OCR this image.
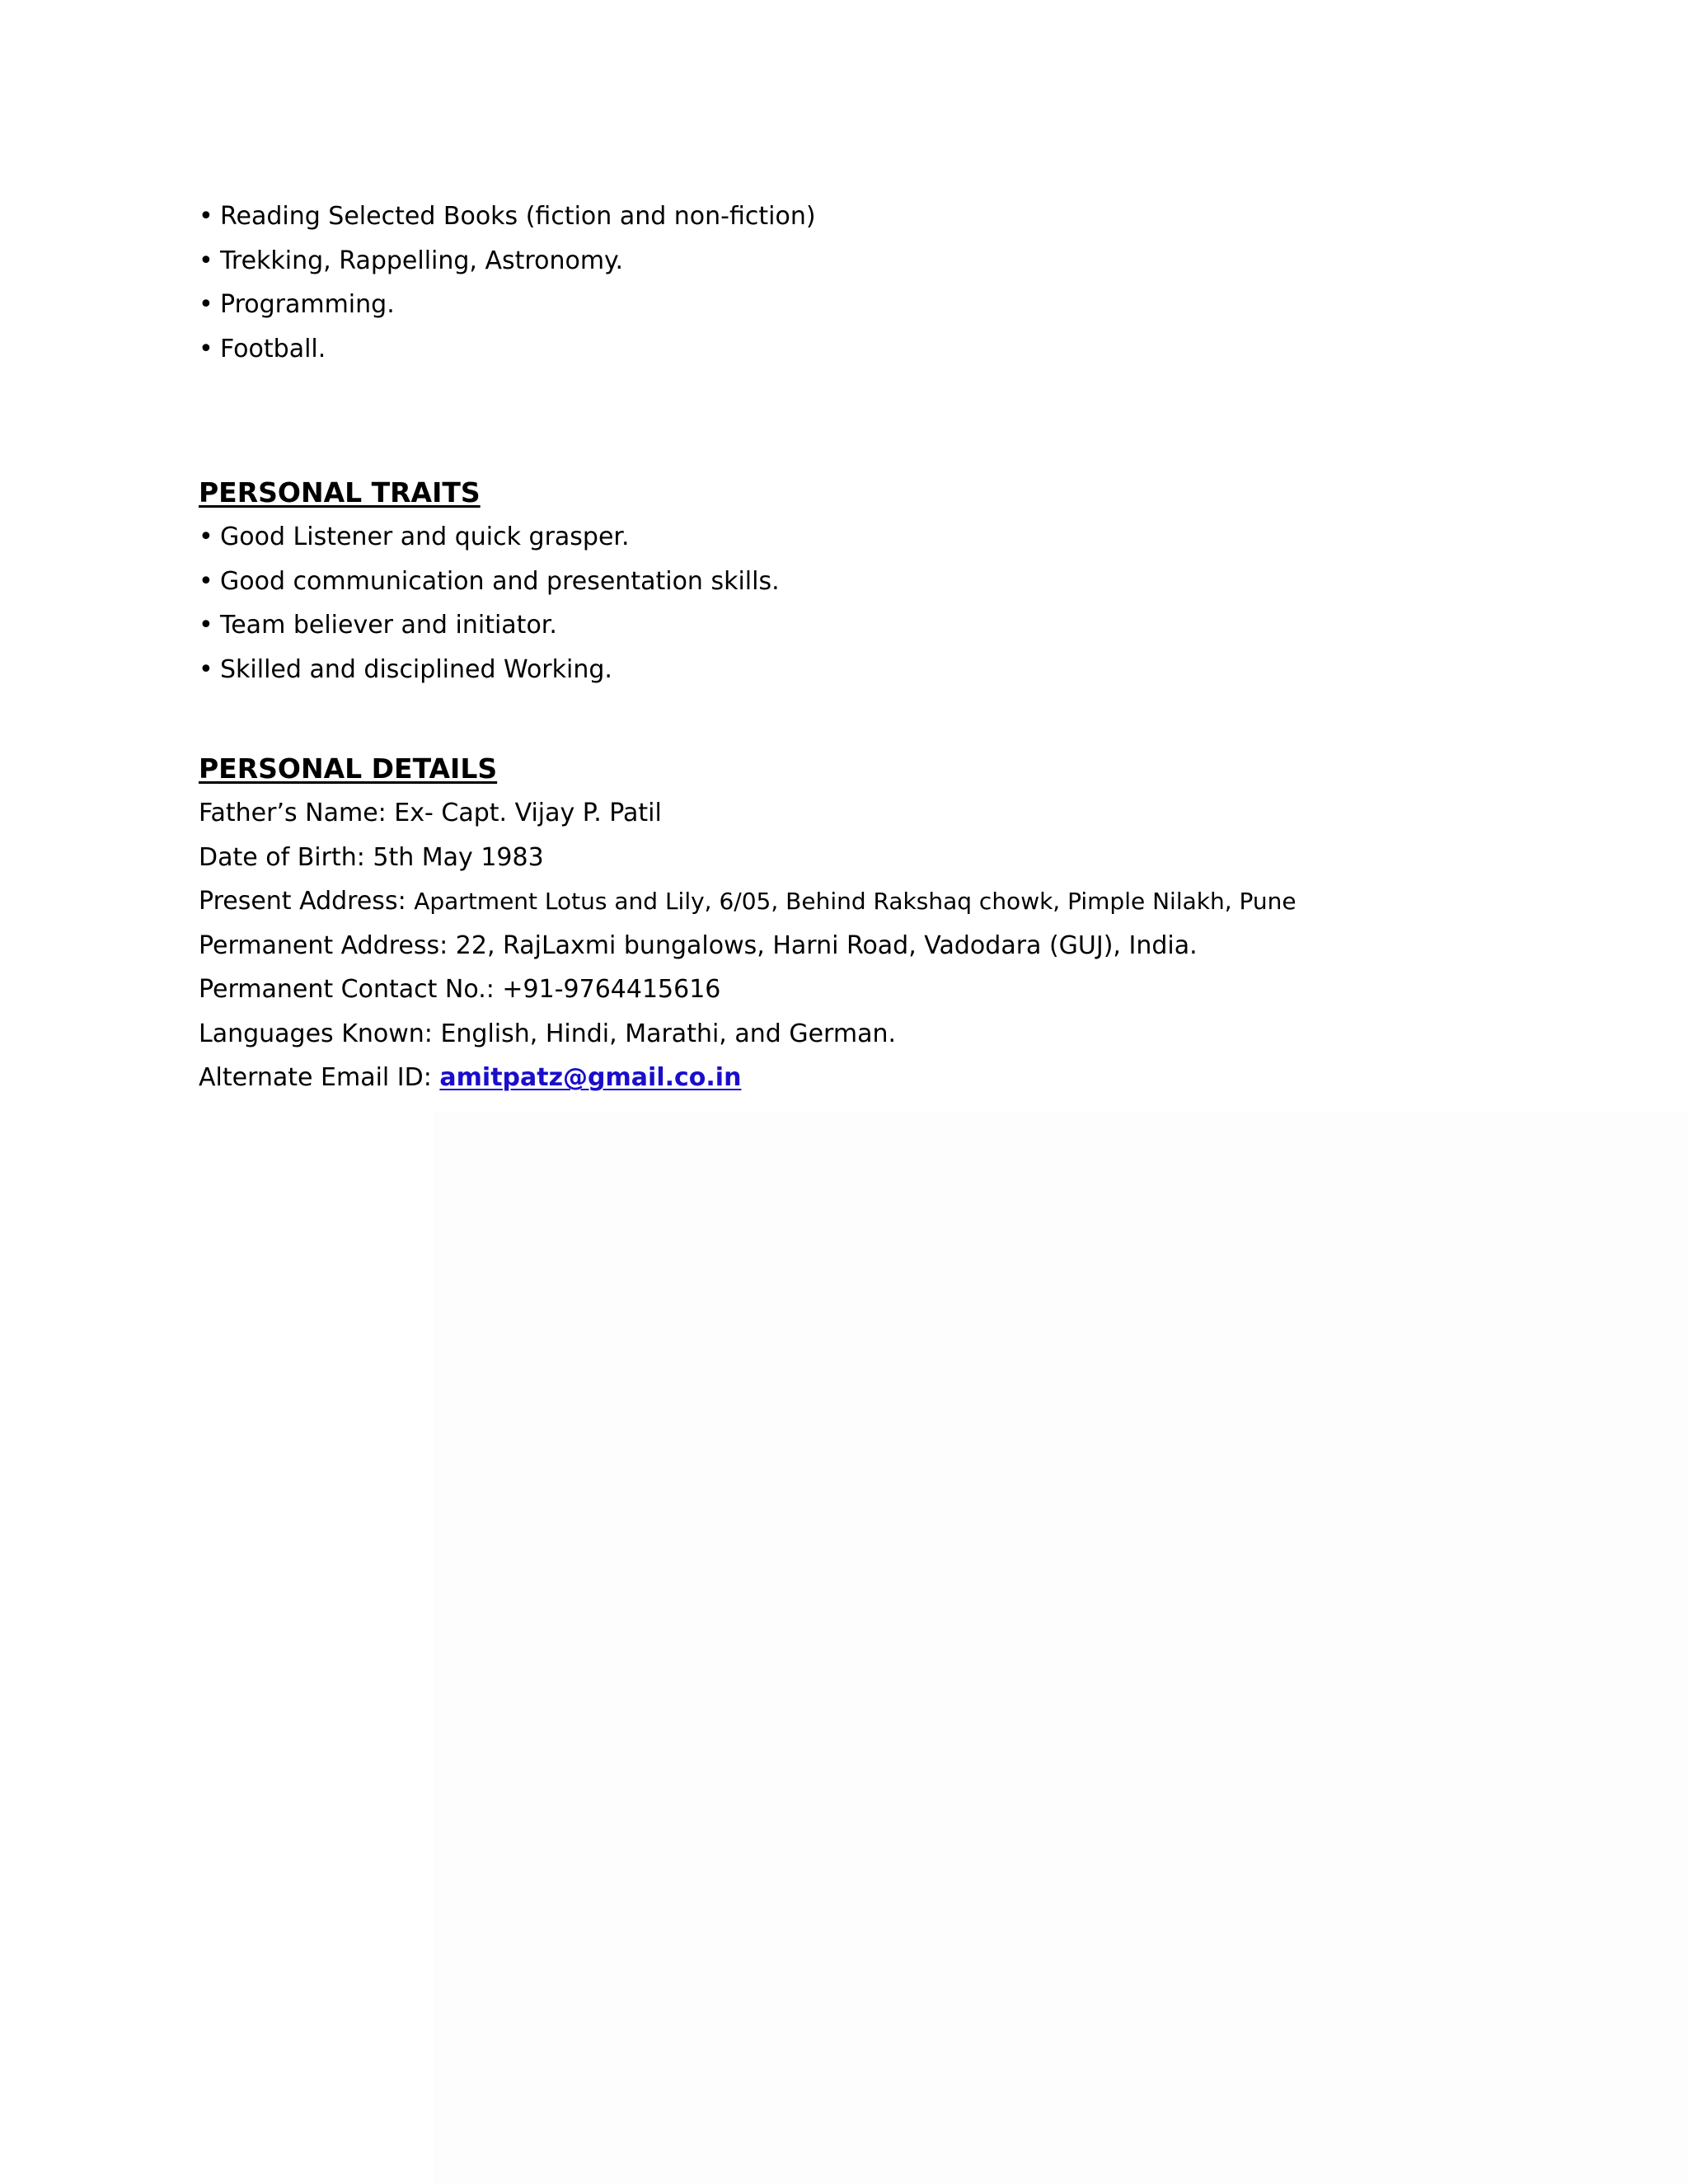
• Reading Selected Books (fiction and non-fiction)
• Trekking, Rappelling, Astronomy.
• Programming.
• Football.
PERSONAL TRAITS
• Good Listener and quick grasper.
• Good communication and presentation skills.
• Team believer and initiator.
• Skilled and disciplined Working.
PERSONAL DETAILS
Father’s Name: Ex- Capt. Vijay P. Patil
Date of Birth: 5th May 1983
Present Address: Apartment Lotus and Lily, 6/05, Behind Rakshaq chowk, Pimple Nilakh, Pune
Permanent Address: 22, RajLaxmi bungalows, Harni Road, Vadodara (GUJ), India.
Permanent Contact No.: +91-9764415616
Languages Known: English, Hindi, Marathi, and German.
Alternate Email ID: amitpatz@gmail.co.in
